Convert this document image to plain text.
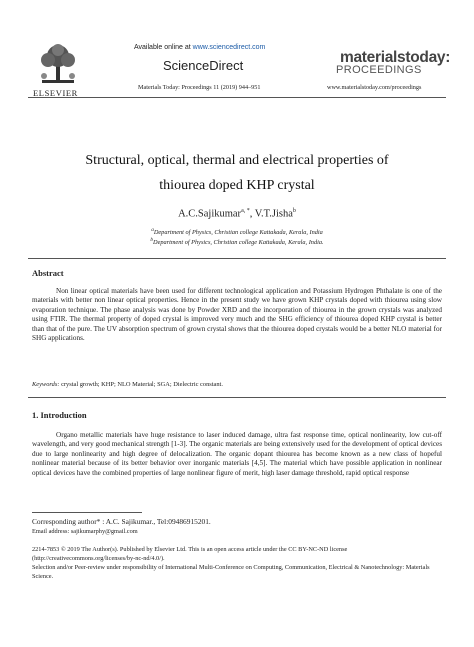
ELSEVIER
Available online at www.sciencedirect.com
ScienceDirect
Materials Today: Proceedings 11 (2019) 944–951
materialstoday:
PROCEEDINGS
www.materialstoday.com/proceedings
Structural, optical, thermal and electrical properties of
thiourea doped KHP crystal
A.C.Sajikumar$^{a, *}$, V.T.Jisha$^b$
$^a$Department of Physics, Christian college Kattakada, Kerala, India
$^b$Department of Physics, Christian college Kattakada, Kerala, India.
Abstract

Non linear optical materials have been used for different technological application and Potassium Hydrogen Phthalate is one of the materials with better non linear optical properties. Hence in the present study we have grown KHP crystals doped with thiourea using slow evaporation technique. The phase analysis was done by Powder XRD and the incorporation of thiourea in the grown crystals was analyzed using FTIR. The thermal property of doped crystal is improved very much and the SHG efficiency of thiourea doped KHP crystal is better than that of the pure. The UV absorption spectrum of grown crystal shows that the thiourea doped crystals would be a better NLO material for SHG applications.

Keywords: crystal growth; KHP; NLO Material; SGA; Dielectric constant.
1. Introduction

Organo metallic materials have huge resistance to laser induced damage, ultra fast response time, optical nonlinearity, low cut-off wavelength, and very good mechanical strength [1-3]. The organic materials are being extensively used for the development of optical devices due to large nonlinearity and high degree of delocalization. The organic dopant thiourea has become known as a new class of hopeful nonlinear material because of its better behavior over inorganic materials [4,5]. The material which have possible application in nonlinear optical devices have the combined properties of large nonlinear figure of merit, high laser damage threshold, rapid optical response

Corresponding author* : A.C. Sajikumar., Tel:09486915201.
Email address: sajikumarphy@gmail.com
2214-7853 © 2019 The Author(s). Published by Elsevier Ltd. This is an open access article under the CC BY-NC-ND license (http://creativecommons.org/licenses/by-nc-nd/4.0/).
Selection and/or Peer-review under responsibility of International Multi-Conference on Computing, Communication, Electrical & Nanotechnology: Materials Science.
